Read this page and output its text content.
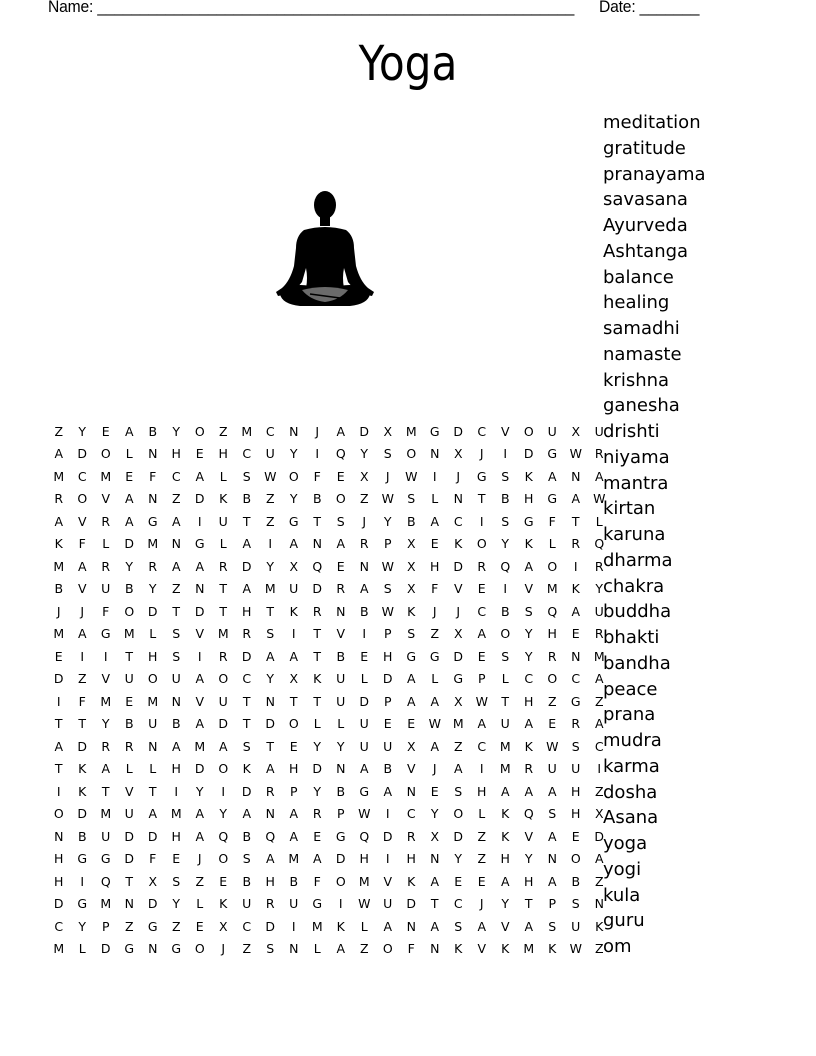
Name: ________________________________________________________ Date: _______
Yoga
meditation
gratitude
pranayama
savasana
Ayurveda
Ashtanga
balance
healing
samadhi
namaste
krishna
ganesha
drishti
niyama
mantra
kirtan
karuna
dharma
chakra
buddha
bhakti
bandha
peace
prana
mudra
karma
dosha
Asana
yoga
yogi
kula
guru
om
Z	Y	E	A	B	Y	O	Z	M	C	N	J	A	D	X	M	G	D	C	V	O	U	X	U
A	D	O	L	N	H	E	H	C	U	Y	I	Q	Y	S	O	N	X	J	I	D	G	W	R
M	C	M	E	F	C	A	L	S	W	O	F	E	X	J	W	I	J	G	S	K	A	N	A
R	O	V	A	N	Z	D	K	B	Z	Y	B	O	Z	W	S	L	N	T	B	H	G	A	W
A	V	R	A	G	A	I	U	T	Z	G	T	S	J	Y	B	A	C	I	S	G	F	T	L
K	F	L	D	M	N	G	L	A	I	A	N	A	R	P	X	E	K	O	Y	K	L	R	Q
M	A	R	Y	R	A	A	R	D	Y	X	Q	E	N	W	X	H	D	R	Q	A	O	I	R
B	V	U	B	Y	Z	N	T	A	M	U	D	R	A	S	X	F	V	E	I	V	M	K	Y
J	J	F	O	D	T	D	T	H	T	K	R	N	B	W	K	J	J	C	B	S	Q	A	U
M	A	G	M	L	S	V	M	R	S	I	T	V	I	P	S	Z	X	A	O	Y	H	E	R
E	I	I	T	H	S	I	R	D	A	A	T	B	E	H	G	G	D	E	S	Y	R	N	M
D	Z	V	U	O	U	A	O	C	Y	X	K	U	L	D	A	L	G	P	L	C	O	C	A
I	F	M	E	M	N	V	U	T	N	T	T	U	D	P	A	A	X	W	T	H	Z	G	Z
T	T	Y	B	U	B	A	D	T	D	O	L	L	U	E	E	W	M	A	U	A	E	R	A
A	D	R	R	N	A	M	A	S	T	E	Y	Y	U	U	X	A	Z	C	M	K	W	S	C
T	K	A	L	L	H	D	O	K	A	H	D	N	A	B	V	J	A	I	M	R	U	U	I
I	K	T	V	T	I	Y	I	D	R	P	Y	B	G	A	N	E	S	H	A	A	A	H	Z
O	D	M	U	A	M	A	Y	A	N	A	R	P	W	I	C	Y	O	L	K	Q	S	H	X
N	B	U	D	D	H	A	Q	B	Q	A	E	G	Q	D	R	X	D	Z	K	V	A	E	D
H	G	G	D	F	E	J	O	S	A	M	A	D	H	I	H	N	Y	Z	H	Y	N	O	A
H	I	Q	T	X	S	Z	E	B	H	B	F	O	M	V	K	A	E	E	A	H	A	B	Z
D	G	M	N	D	Y	L	K	U	R	U	G	I	W	U	D	T	C	J	Y	T	P	S	N
C	Y	P	Z	G	Z	E	X	C	D	I	M	K	L	A	N	A	S	A	V	A	S	U	K
M	L	D	G	N	G	O	J	Z	S	N	L	A	Z	O	F	N	K	V	K	M	K	W	Z
